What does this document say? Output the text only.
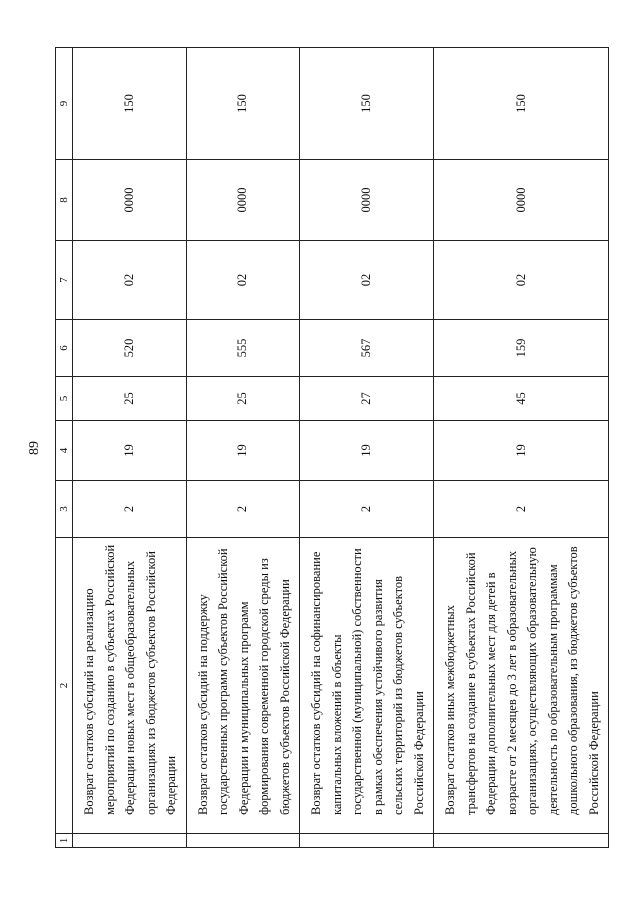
89
1	2	3	4	5	6	7	8	9
	Возврат остатков субсидий на реализацию мероприятий по созданию в субъектах Российской Федерации новых мест в общеобразовательных организациях из бюджетов субъектов Российской Федерации	2	19	25	520	02	0000	150
	Возврат остатков субсидий на поддержку государственных программ субъектов Российской Федерации и муниципальных программ формирования современной городской среды из бюджетов субъектов Российской Федерации	2	19	25	555	02	0000	150
	Возврат остатков субсидий на софинансирование капитальных вложений в объекты государственной (муниципальной) собственности в рамках обеспечения устойчивого развития сельских территорий из бюджетов субъектов Российской Федерации	2	19	27	567	02	0000	150
	Возврат остатков иных межбюджетных трансфертов на создание в субъектах Российской Федерации дополнительных мест для детей в возрасте от 2 месяцев до 3 лет в образовательных организациях, осуществляющих образовательную деятельность по образовательным программам дошкольного образования, из бюджетов субъектов Российской Федерации	2	19	45	159	02	0000	150
